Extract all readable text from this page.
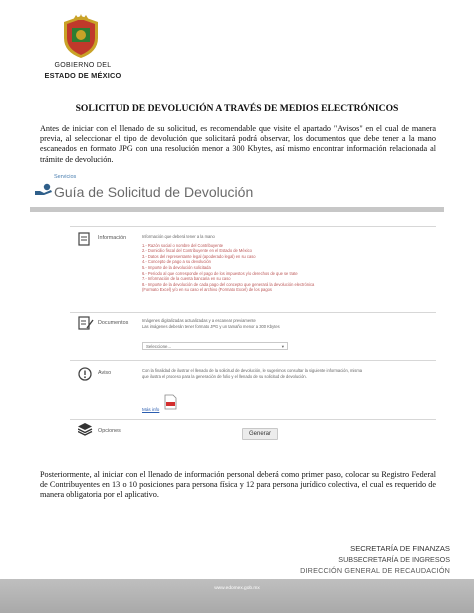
GOBIERNO DEL
ESTADO DE MÉXICO
SOLICITUD DE DEVOLUCIÓN A TRAVÉS DE MEDIOS ELECTRÓNICOS
Antes de iniciar con el llenado de su solicitud, es recomendable que visite el apartado "Avisos" en el cual de manera previa, al seleccionar el tipo de devolución que solicitará podrá observar, los documentos que debe tener a la mano escaneados en formato JPG con una resolución menor a 300 Kbytes, así mismo encontrar información relacionada al trámite de devolución.
Servicios
Guía de Solicitud de Devolución
Información	Información que deberá tener a la mano
1.- Razón social o nombre del Contribuyente
2.- Domicilio fiscal del Contribuyente en el Estado de México
3.- Datos del representante legal (apoderado legal) en su caso
4.- Concepto de pago a su devolución
5.- Importe de la devolución solicitada
6.- Periodo al que corresponde el pago de los impuestos y/o derechos de que se trate
7.- Información de la cuenta bancaria en su caso
8.- Importe de la devolución de cada pago del concepto que generará la devolución electrónica
(Formato Excel) y/o en su caso el archivo (Formato Excel) de los pagos
Documentos	Imágenes digitalizadas actualizadas y a escanear previamente
Las imágenes deberán tener formato JPG y un tamaño menor a 300 Kbytes
Seleccione...	▾
Aviso	Con la finalidad de ilustrar el llenado de la solicitud de devolución, le sugerimos consultar la siguiente información, misma
que ilustra el proceso para la generación de folio y el llenado de su solicitud de devolución.
Más info
Opciones	Generar
Posteriormente, al iniciar con el llenado de información personal deberá como primer paso, colocar su Registro Federal de Contribuyentes en 13 o 10 posiciones para persona física y 12 para persona jurídico colectiva, el cual es requerido de manera obligatoria por el aplicativo.
SECRETARÍA DE FINANZAS
SUBSECRETARÍA DE INGRESOS
DIRECCIÓN GENERAL DE RECAUDACIÓN
www.edomex.gob.mx
